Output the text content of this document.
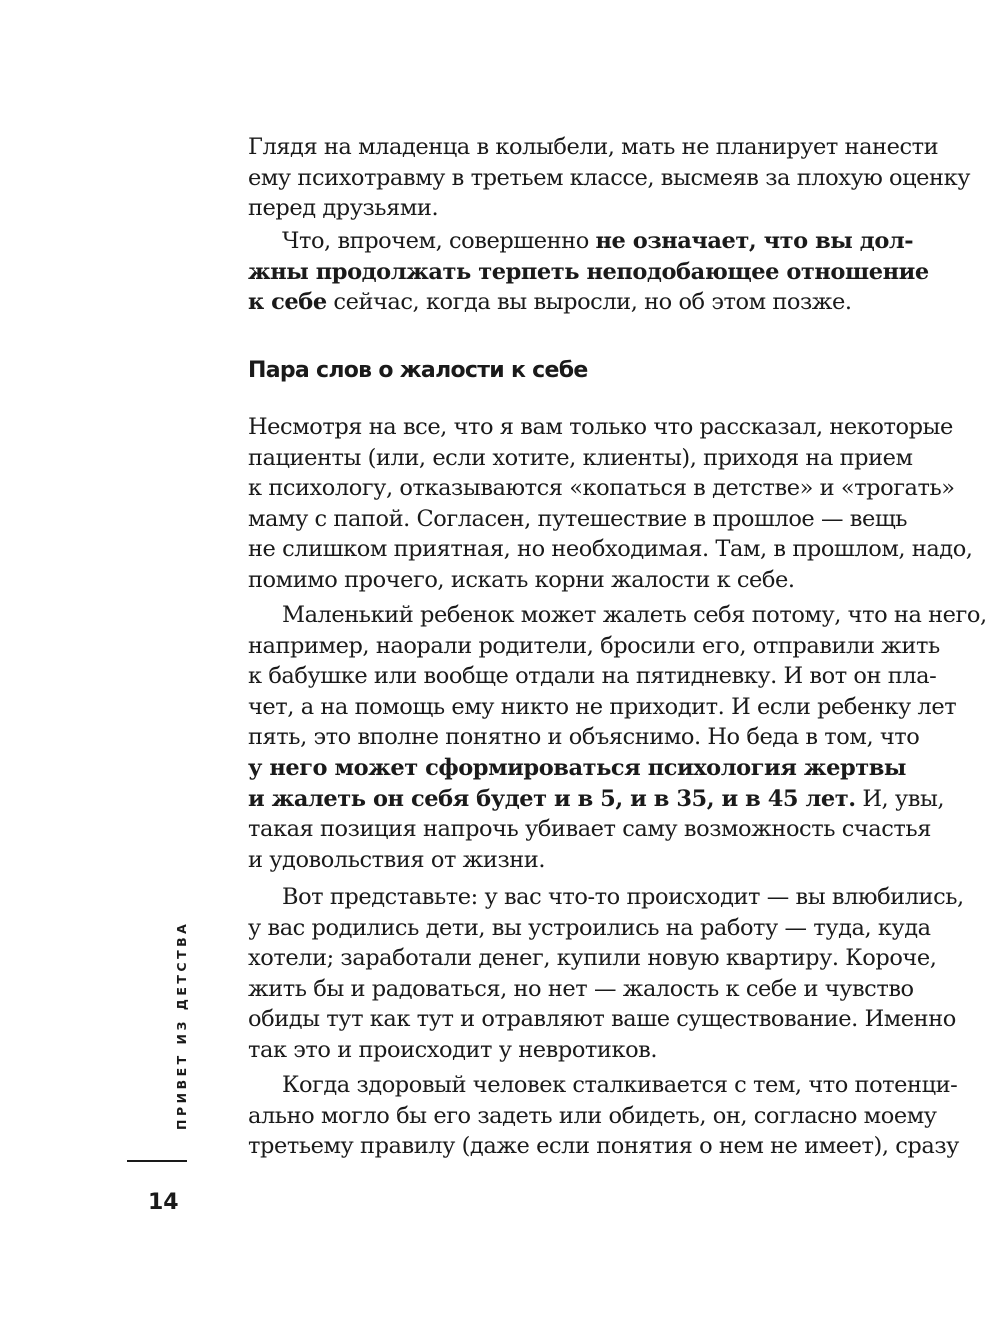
Глядя на младенца в колыбели, мать не планирует нанести

ему психотравму в третьем классе, высмеяв за плохую оценку

перед друзьями.

Что, впрочем, совершенно не означает, что вы дол-

жны продолжать терпеть неподобающее отношение

к себе сейчас, когда вы выросли, но об этом позже.

Пара слов о жалости к себе

Несмотря на все, что я вам только что рассказал, некоторые

пациенты (или, если хотите, клиенты), приходя на прием

к психологу, отказываются «копаться в детстве» и «трогать»

маму с папой. Согласен, путешествие в прошлое — вещь

не слишком приятная, но необходимая. Там, в прошлом, надо,

помимо прочего, искать корни жалости к себе.

Маленький ребенок может жалеть себя потому, что на него,

например, наорали родители, бросили его, отправили жить

к бабушке или вообще отдали на пятидневку. И вот он пла-

чет, а на помощь ему никто не приходит. И если ребенку лет

пять, это вполне понятно и объяснимо. Но беда в том, что

у него может сформироваться психология жертвы

и жалеть он себя будет и в 5, и в 35, и в 45 лет. И, увы,

такая позиция напрочь убивает саму возможность счастья

и удовольствия от жизни.

Вот представьте: у вас что-то происходит — вы влюбились,

у вас родились дети, вы устроились на работу — туда, куда

хотели; заработали денег, купили новую квартиру. Короче,

жить бы и радоваться, но нет — жалость к себе и чувство

обиды тут как тут и отравляют ваше существование. Именно

так это и происходит у невротиков.

Когда здоровый человек сталкивается с тем, что потенци-

ально могло бы его задеть или обидеть, он, согласно моему

третьему правилу (даже если понятия о нем не имеет), сразу

ПРИВЕТ ИЗ ДЕТСТВА
14
